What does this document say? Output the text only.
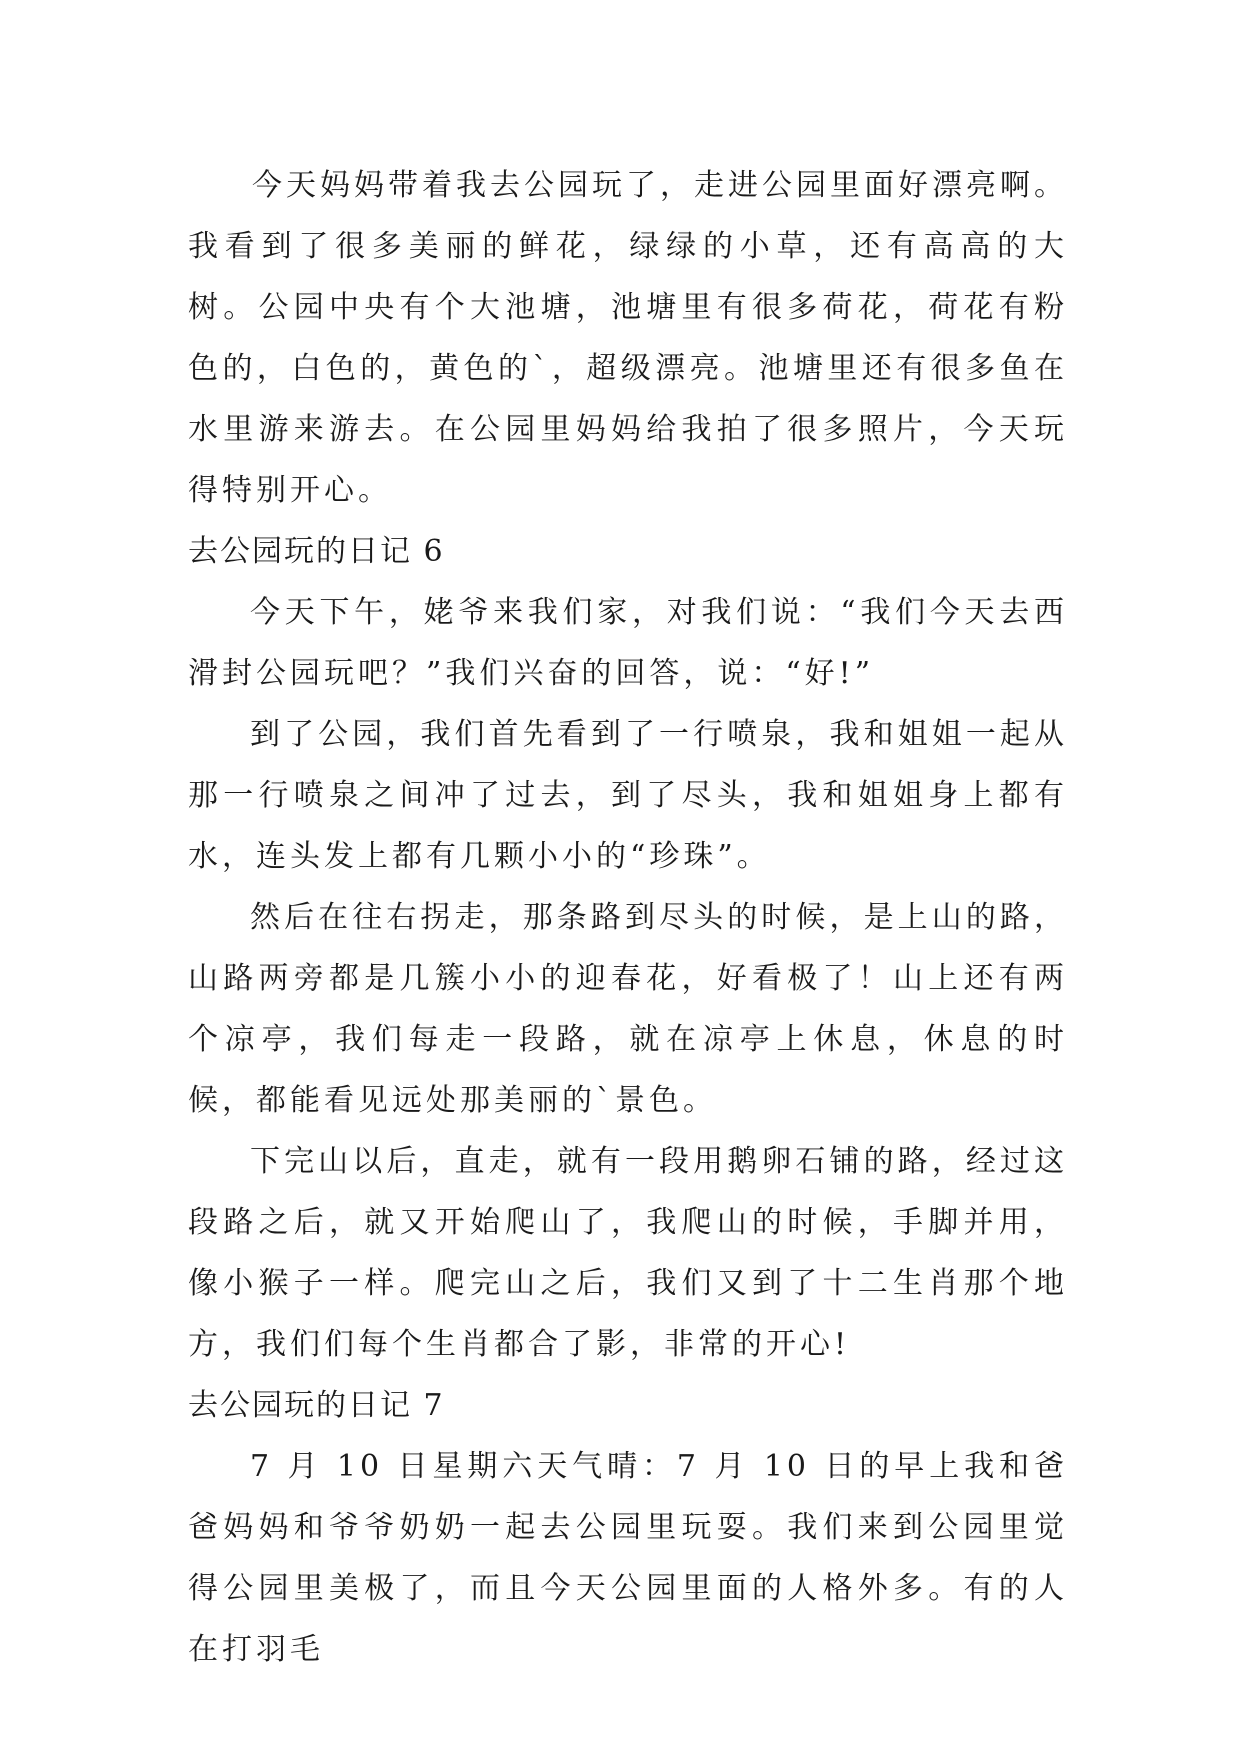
今天妈妈带着我去公园玩了，走进公园里面好漂亮啊。我看到了很多美丽的鲜花，绿绿的小草，还有高高的大树。公园中央有个大池塘，池塘里有很多荷花，荷花有粉色的，白色的，黄色的`，超级漂亮。池塘里还有很多鱼在水里游来游去。在公园里妈妈给我拍了很多照片，今天玩得特别开心。

去公园玩的日记 6

今天下午，姥爷来我们家，对我们说：“我们今天去西滑封公园玩吧？”我们兴奋的回答，说：“好!”

到了公园，我们首先看到了一行喷泉，我和姐姐一起从那一行喷泉之间冲了过去，到了尽头，我和姐姐身上都有水，连头发上都有几颗小小的“珍珠”。

然后在往右拐走，那条路到尽头的时候，是上山的路，山路两旁都是几簇小小的迎春花，好看极了！山上还有两个凉亭，我们每走一段路，就在凉亭上休息，休息的时候，都能看见远处那美丽的`景色。

下完山以后，直走，就有一段用鹅卵石铺的路，经过这段路之后，就又开始爬山了，我爬山的时候，手脚并用，像小猴子一样。爬完山之后，我们又到了十二生肖那个地方，我们们每个生肖都合了影，非常的开心!

去公园玩的日记 7

7 月 10 日星期六天气晴：7 月 10 日的早上我和爸爸妈妈和爷爷奶奶一起去公园里玩耍。我们来到公园里觉得公园里美极了，而且今天公园里面的人格外多。有的人在打羽毛
